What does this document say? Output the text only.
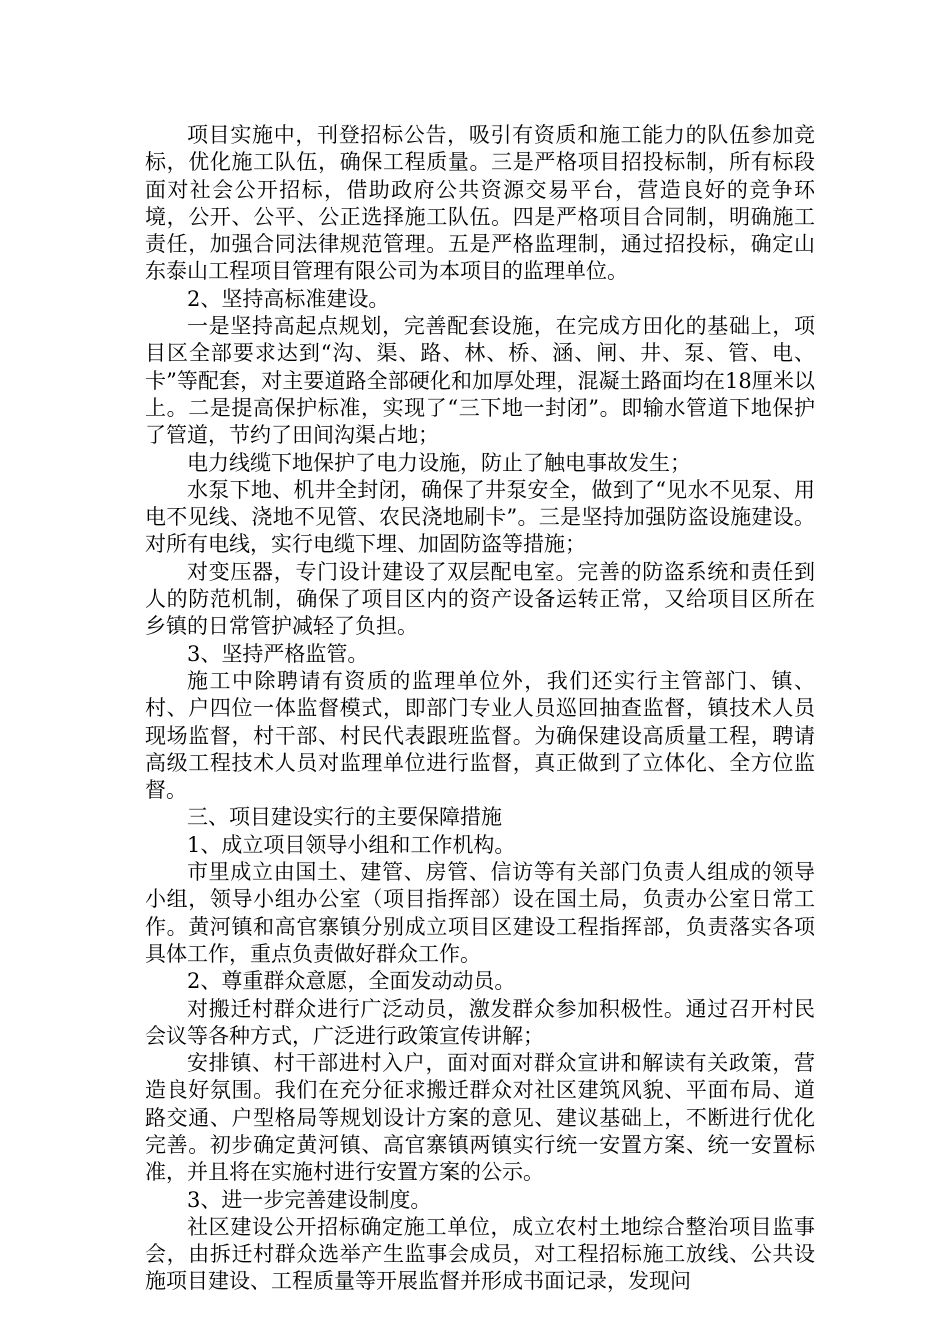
项目实施中，刊登招标公告，吸引有资质和施工能力的队伍参加竞标，优化施工队伍，确保工程质量。三是严格项目招投标制，所有标段面对社会公开招标，借助政府公共资源交易平台，营造良好的竞争环境，公开、公平、公正选择施工队伍。四是严格项目合同制，明确施工责任，加强合同法律规范管理。五是严格监理制，通过招投标，确定山东泰山工程项目管理有限公司为本项目的监理单位。

2、坚持高标准建设。

一是坚持高起点规划，完善配套设施，在完成方田化的基础上，项目区全部要求达到“沟、渠、路、林、桥、涵、闸、井、泵、管、电、卡”等配套，对主要道路全部硬化和加厚处理，混凝土路面均在18厘米以上。二是提高保护标准，实现了“三下地一封闭”。即输水管道下地保护了管道，节约了田间沟渠占地；

电力线缆下地保护了电力设施，防止了触电事故发生；

水泵下地、机井全封闭，确保了井泵安全，做到了“见水不见泵、用电不见线、浇地不见管、农民浇地刷卡”。三是坚持加强防盗设施建设。对所有电线，实行电缆下埋、加固防盗等措施；

对变压器，专门设计建设了双层配电室。完善的防盗系统和责任到人的防范机制，确保了项目区内的资产设备运转正常，又给项目区所在乡镇的日常管护减轻了负担。

3、坚持严格监管。

施工中除聘请有资质的监理单位外，我们还实行主管部门、镇、村、户四位一体监督模式，即部门专业人员巡回抽查监督，镇技术人员现场监督，村干部、村民代表跟班监督。为确保建设高质量工程，聘请高级工程技术人员对监理单位进行监督，真正做到了立体化、全方位监督。

三、项目建设实行的主要保障措施

1、成立项目领导小组和工作机构。

市里成立由国土、建管、房管、信访等有关部门负责人组成的领导小组，领导小组办公室（项目指挥部）设在国土局，负责办公室日常工作。黄河镇和高官寨镇分别成立项目区建设工程指挥部，负责落实各项具体工作，重点负责做好群众工作。

2、尊重群众意愿，全面发动动员。

对搬迁村群众进行广泛动员，激发群众参加积极性。通过召开村民会议等各种方式，广泛进行政策宣传讲解；

安排镇、村干部进村入户，面对面对群众宣讲和解读有关政策，营造良好氛围。我们在充分征求搬迁群众对社区建筑风貌、平面布局、道路交通、户型格局等规划设计方案的意见、建议基础上，不断进行优化完善。初步确定黄河镇、高官寨镇两镇实行统一安置方案、统一安置标准，并且将在实施村进行安置方案的公示。

3、进一步完善建设制度。

社区建设公开招标确定施工单位，成立农村土地综合整治项目监事会，由拆迁村群众选举产生监事会成员，对工程招标施工放线、公共设施项目建设、工程质量等开展监督并形成书面记录，发现问
